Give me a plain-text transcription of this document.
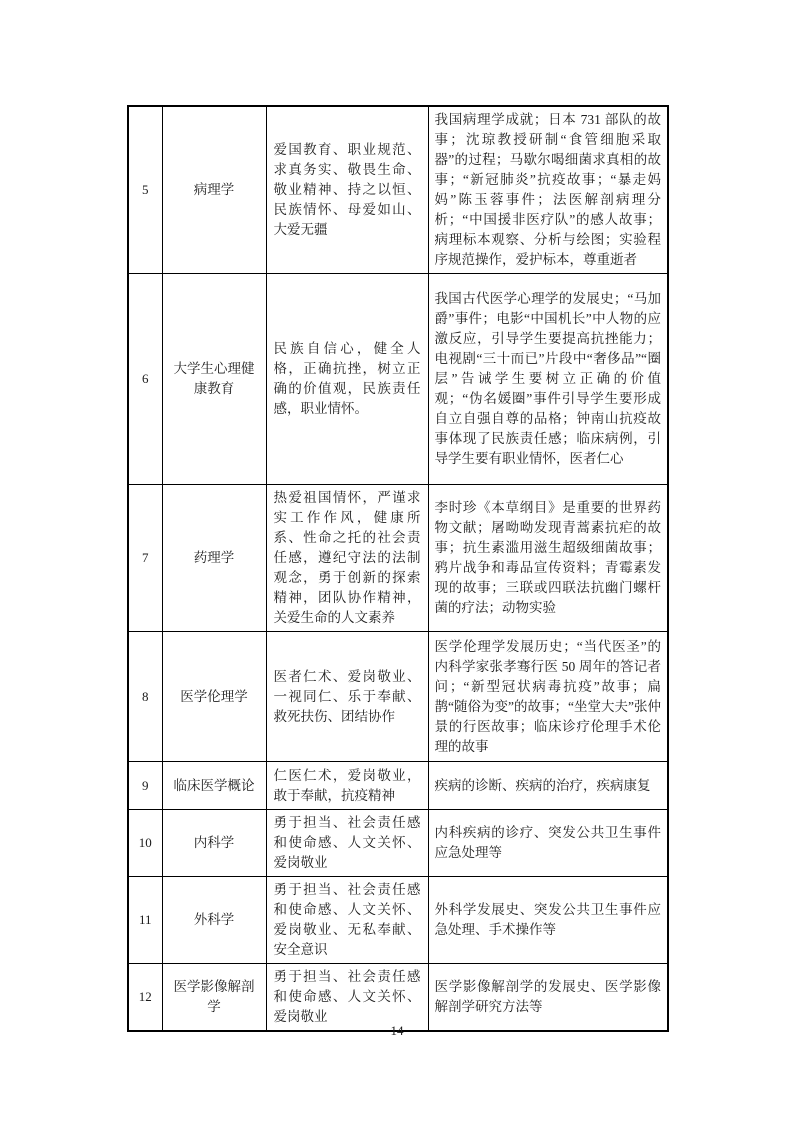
5	病理学	爱国教育、职业规范、求真务实、敬畏生命、敬业精神、持之以恒、民族情怀、母爱如山、大爱无疆	我国病理学成就；日本 731 部队的故事；沈琼教授研制“食管细胞采取器”的过程；马歇尔喝细菌求真相的故事；“新冠肺炎”抗疫故事；“暴走妈妈”陈玉蓉事件；法医解剖病理分析；“中国援非医疗队”的感人故事；病理标本观察、分析与绘图；实验程序规范操作，爱护标本，尊重逝者
6	大学生心理健康教育	民族自信心，健全人格，正确抗挫，树立正确的价值观，民族责任感，职业情怀。	我国古代医学心理学的发展史；“马加爵”事件；电影“中国机长”中人物的应激反应，引导学生要提高抗挫能力；电视剧“三十而已”片段中“奢侈品”“圈层”告诫学生要树立正确的价值观；“伪名媛圈”事件引导学生要形成自立自强自尊的品格；钟南山抗疫故事体现了民族责任感；临床病例，引导学生要有职业情怀，医者仁心
7	药理学	热爱祖国情怀，严谨求实工作作风，健康所系、性命之托的社会责任感，遵纪守法的法制观念，勇于创新的探索精神，团队协作精神，关爱生命的人文素养	李时珍《本草纲目》是重要的世界药物文献；屠呦呦发现青蒿素抗疟的故事；抗生素滥用滋生超级细菌故事；鸦片战争和毒品宣传资料；青霉素发现的故事；三联或四联法抗幽门螺杆菌的疗法；动物实验
8	医学伦理学	医者仁术、爱岗敬业、一视同仁、乐于奉献、救死扶伤、团结协作	医学伦理学发展历史；“当代医圣”的内科学家张孝骞行医 50 周年的答记者问；“新型冠状病毒抗疫”故事；扁鹊“随俗为变”的故事；“坐堂大夫”张仲景的行医故事；临床诊疗伦理手术伦理的故事
9	临床医学概论	仁医仁术，爱岗敬业，敢于奉献，抗疫精神	疾病的诊断、疾病的治疗，疾病康复
10	内科学	勇于担当、社会责任感和使命感、人文关怀、爱岗敬业	内科疾病的诊疗、突发公共卫生事件应急处理等
11	外科学	勇于担当、社会责任感和使命感、人文关怀、爱岗敬业、无私奉献、安全意识	外科学发展史、突发公共卫生事件应急处理、手术操作等
12	医学影像解剖学	勇于担当、社会责任感和使命感、人文关怀、爱岗敬业	医学影像解剖学的发展史、医学影像解剖学研究方法等
14
